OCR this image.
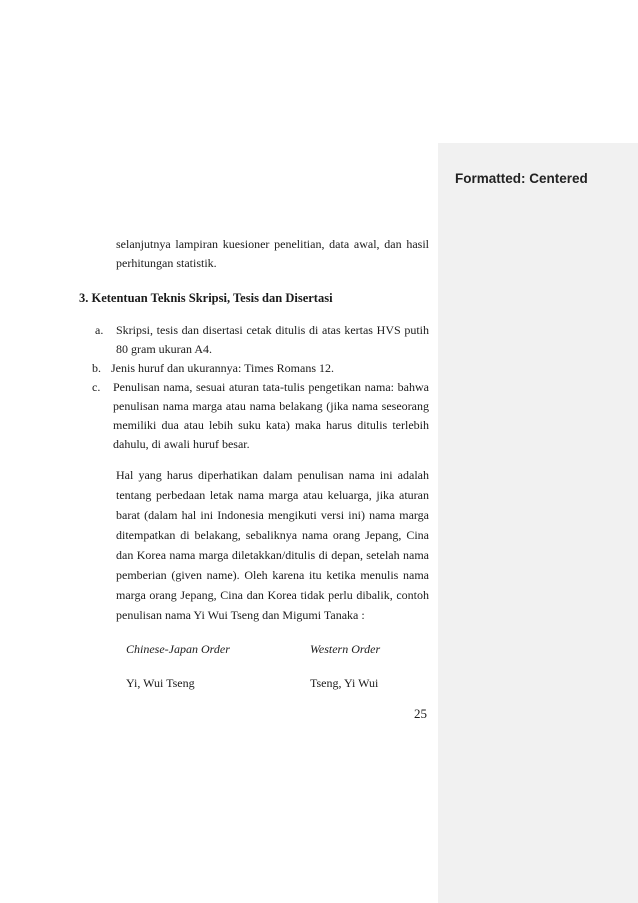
Formatted: Centered
selanjutnya lampiran kuesioner penelitian, data awal, dan hasil
perhitungan statistik.
3. Ketentuan Teknis Skripsi, Tesis dan Disertasi
a. Skripsi, tesis dan disertasi cetak ditulis di atas kertas HVS putih
80 gram ukuran A4.
b. Jenis huruf dan ukurannya: Times Romans 12.
c. Penulisan nama, sesuai aturan tata-tulis pengetikan nama: bahwa
penulisan nama marga atau nama belakang (jika nama seseorang
memiliki dua atau lebih suku kata) maka harus ditulis terlebih
dahulu, di awali huruf besar.
Hal yang harus diperhatikan dalam penulisan nama ini adalah
tentang perbedaan letak nama marga atau keluarga, jika aturan
barat (dalam hal ini Indonesia mengikuti versi ini) nama marga
ditempatkan di belakang, sebaliknya nama orang Jepang, Cina
dan Korea nama marga diletakkan/ditulis di depan, setelah nama
pemberian (given name). Oleh karena itu ketika menulis nama
marga orang Jepang, Cina dan Korea tidak perlu dibalik, contoh
penulisan nama Yi Wui Tseng dan Migumi Tanaka :
Chinese-Japan Order	Western Order
Yi, Wui Tseng	Tseng, Yi Wui
25
